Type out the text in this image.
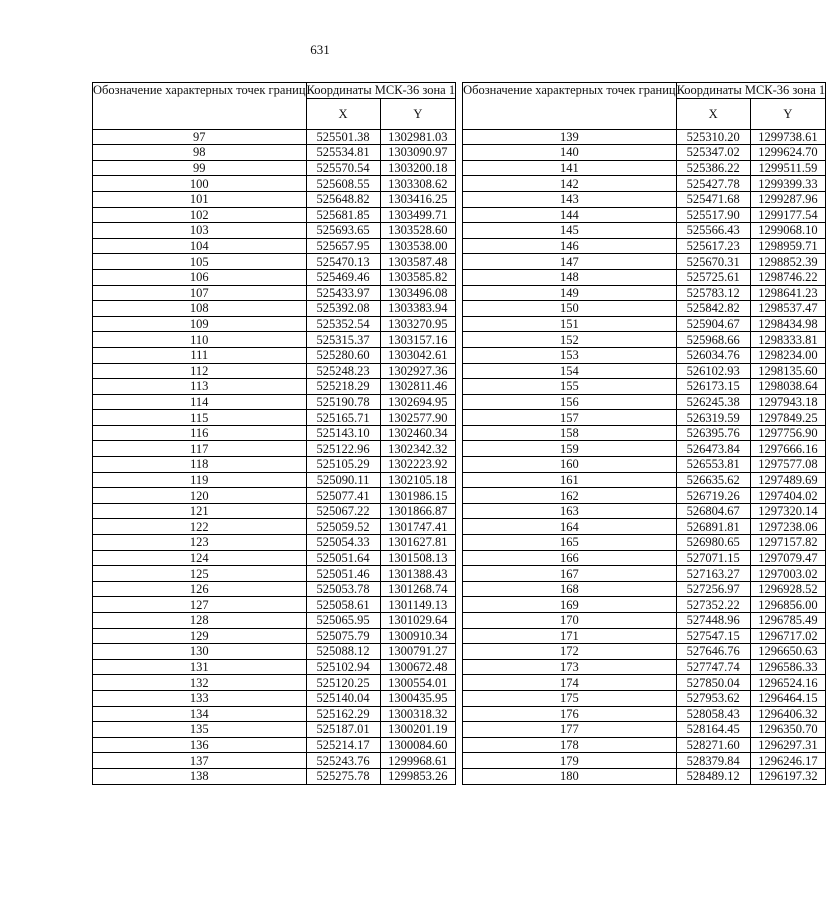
631
Обозначение характерных точек границ	Координаты МСК-36 зона 1	
	X	Y
97	525501.38	1302981.03
98	525534.81	1303090.97
99	525570.54	1303200.18
100	525608.55	1303308.62
101	525648.82	1303416.25
102	525681.85	1303499.71
103	525693.65	1303528.60
104	525657.95	1303538.00
105	525470.13	1303587.48
106	525469.46	1303585.82
107	525433.97	1303496.08
108	525392.08	1303383.94
109	525352.54	1303270.95
110	525315.37	1303157.16
111	525280.60	1303042.61
112	525248.23	1302927.36
113	525218.29	1302811.46
114	525190.78	1302694.95
115	525165.71	1302577.90
116	525143.10	1302460.34
117	525122.96	1302342.32
118	525105.29	1302223.92
119	525090.11	1302105.18
120	525077.41	1301986.15
121	525067.22	1301866.87
122	525059.52	1301747.41
123	525054.33	1301627.81
124	525051.64	1301508.13
125	525051.46	1301388.43
126	525053.78	1301268.74
127	525058.61	1301149.13
128	525065.95	1301029.64
129	525075.79	1300910.34
130	525088.12	1300791.27
131	525102.94	1300672.48
132	525120.25	1300554.01
133	525140.04	1300435.95
134	525162.29	1300318.32
135	525187.01	1300201.19
136	525214.17	1300084.60
137	525243.76	1299968.61
138	525275.78	1299853.26
Обозначение характерных точек границ	Координаты МСК-36 зона 1	
	X	Y
139	525310.20	1299738.61
140	525347.02	1299624.70
141	525386.22	1299511.59
142	525427.78	1299399.33
143	525471.68	1299287.96
144	525517.90	1299177.54
145	525566.43	1299068.10
146	525617.23	1298959.71
147	525670.31	1298852.39
148	525725.61	1298746.22
149	525783.12	1298641.23
150	525842.82	1298537.47
151	525904.67	1298434.98
152	525968.66	1298333.81
153	526034.76	1298234.00
154	526102.93	1298135.60
155	526173.15	1298038.64
156	526245.38	1297943.18
157	526319.59	1297849.25
158	526395.76	1297756.90
159	526473.84	1297666.16
160	526553.81	1297577.08
161	526635.62	1297489.69
162	526719.26	1297404.02
163	526804.67	1297320.14
164	526891.81	1297238.06
165	526980.65	1297157.82
166	527071.15	1297079.47
167	527163.27	1297003.02
168	527256.97	1296928.52
169	527352.22	1296856.00
170	527448.96	1296785.49
171	527547.15	1296717.02
172	527646.76	1296650.63
173	527747.74	1296586.33
174	527850.04	1296524.16
175	527953.62	1296464.15
176	528058.43	1296406.32
177	528164.45	1296350.70
178	528271.60	1296297.31
179	528379.84	1296246.17
180	528489.12	1296197.32
